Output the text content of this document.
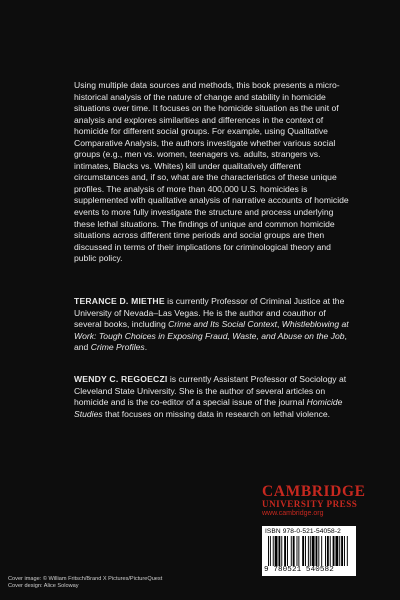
Using multiple data sources and methods, this book presents a micro-historical analysis of the nature of change and stability in homicide situations over time. It focuses on the homicide situation as the unit of analysis and explores similarities and differences in the context of homicide for different social groups. For example, using Qualitative Comparative Analysis, the authors investigate whether various social groups (e.g., men vs. women, teenagers vs. adults, strangers vs. intimates, Blacks vs. Whites) kill under qualitatively different circumstances and, if so, what are the characteristics of these unique profiles. The analysis of more than 400,000 U.S. homicides is supplemented with qualitative analysis of narrative accounts of homicide events to more fully investigate the structure and process underlying these lethal situations. The findings of unique and common homicide situations across different time periods and social groups are then discussed in terms of their implications for criminological theory and public policy.

TERANCE D. MIETHE is currently Professor of Criminal Justice at the University of Nevada–Las Vegas. He is the author and coauthor of several books, including Crime and Its Social Context, Whistleblowing at Work: Tough Choices in Exposing Fraud, Waste, and Abuse on the Job, and Crime Profiles.

WENDY C. REGOECZI is currently Assistant Professor of Sociology at Cleveland State University. She is the author of several articles on homicide and is the co-editor of a special issue of the journal Homicide Studies that focuses on missing data in research on lethal violence.

CAMBRIDGE
UNIVERSITY PRESS
www.cambridge.org
ISBN 978-0-521-54058-2
9 780521 540582
Cover image: © William Fritsch/Brand X Pictures/PictureQuest
Cover design: Alice Soloway
